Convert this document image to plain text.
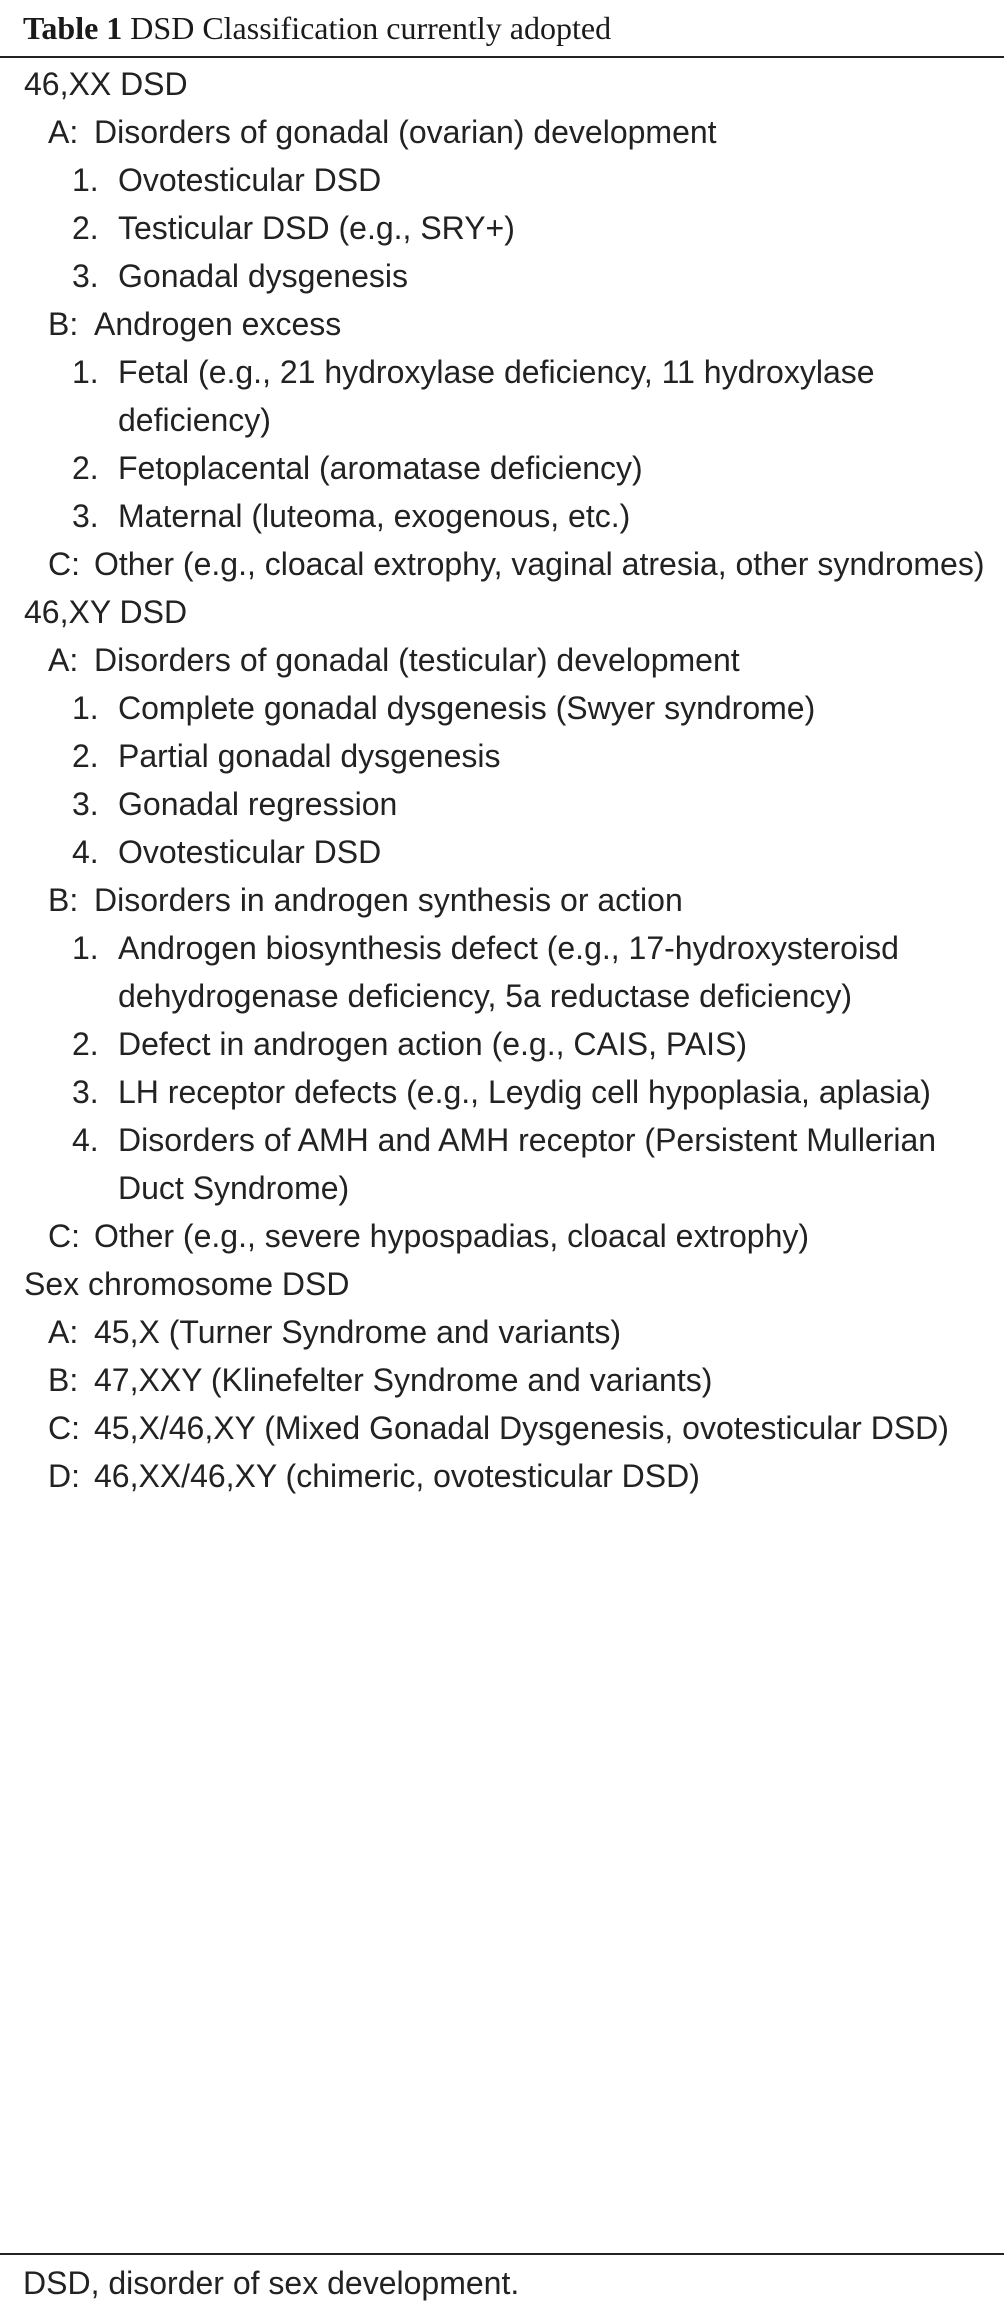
Table 1 DSD Classification currently adopted
46,XX DSD
A: Disorders of gonadal (ovarian) development
1. Ovotesticular DSD
2. Testicular DSD (e.g., SRY+)
3. Gonadal dysgenesis
B: Androgen excess
1. Fetal (e.g., 21 hydroxylase deficiency, 11 hydroxylase deficiency)
2. Fetoplacental (aromatase deficiency)
3. Maternal (luteoma, exogenous, etc.)
C: Other (e.g., cloacal extrophy, vaginal atresia, other syndromes)
46,XY DSD
A: Disorders of gonadal (testicular) development
1. Complete gonadal dysgenesis (Swyer syndrome)
2. Partial gonadal dysgenesis
3. Gonadal regression
4. Ovotesticular DSD
B: Disorders in androgen synthesis or action
1. Androgen biosynthesis defect (e.g., 17-hydroxysteroisd dehydrogenase deficiency, 5a reductase deficiency)
2. Defect in androgen action (e.g., CAIS, PAIS)
3. LH receptor defects (e.g., Leydig cell hypoplasia, aplasia)
4. Disorders of AMH and AMH receptor (Persistent Mullerian Duct Syndrome)
C: Other (e.g., severe hypospadias, cloacal extrophy)
Sex chromosome DSD
A: 45,X (Turner Syndrome and variants)
B: 47,XXY (Klinefelter Syndrome and variants)
C: 45,X/46,XY (Mixed Gonadal Dysgenesis, ovotesticular DSD)
D: 46,XX/46,XY (chimeric, ovotesticular DSD)
DSD, disorder of sex development.
